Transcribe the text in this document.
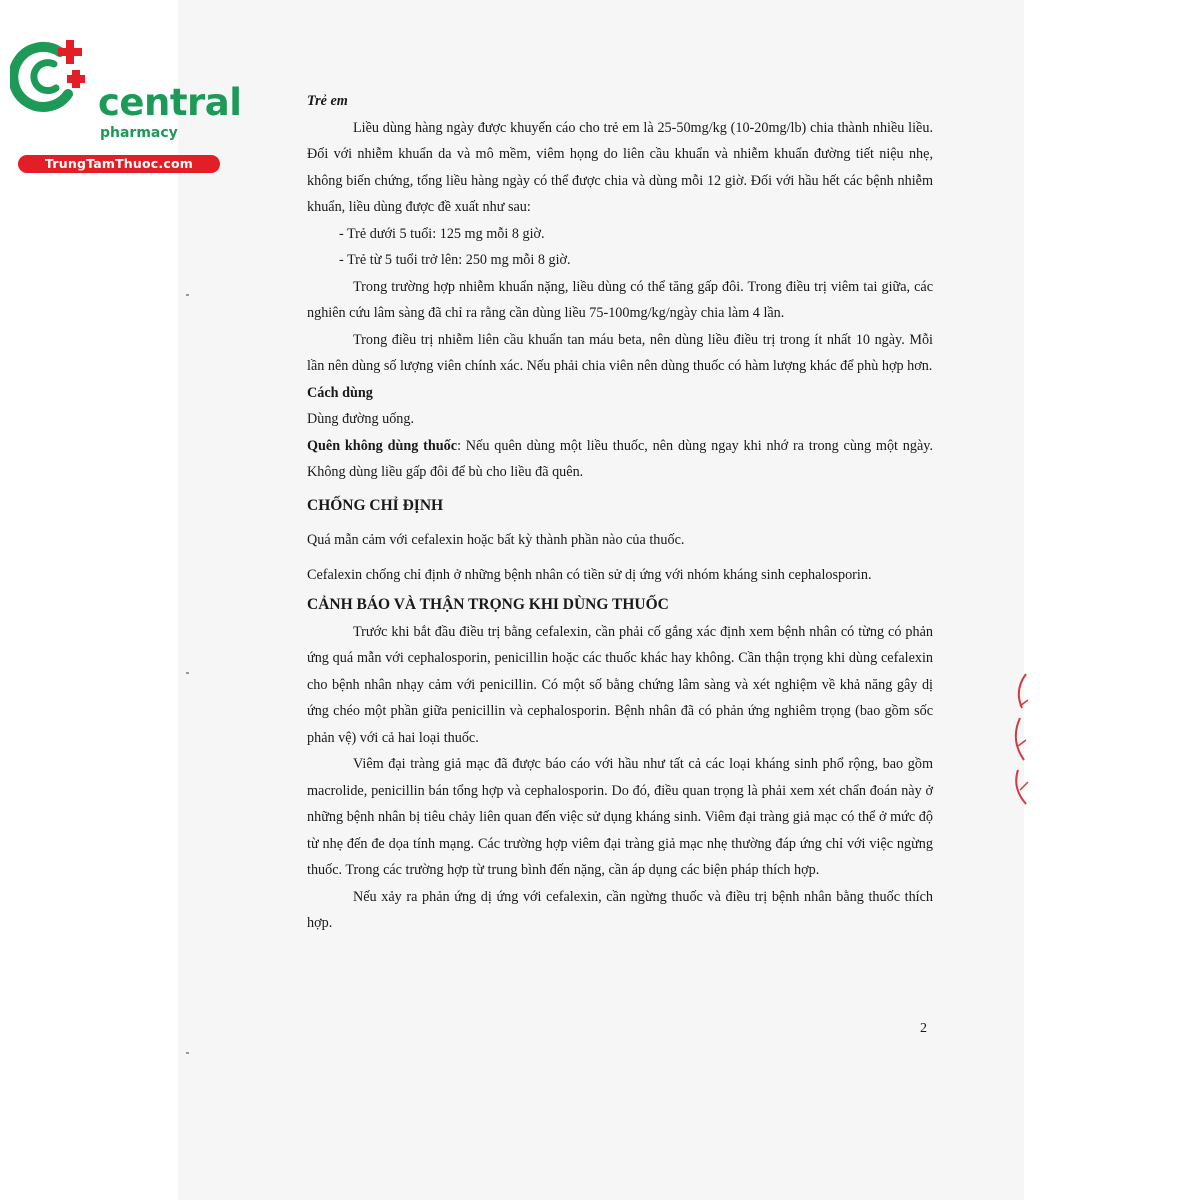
central
pharmacy
TrungTamThuoc.com

Trẻ em

Liều dùng hàng ngày được khuyến cáo cho trẻ em là 25-50mg/kg (10-20mg/lb) chia thành nhiều liều. Đối với nhiễm khuẩn da và mô mềm, viêm họng do liên cầu khuẩn và nhiễm khuẩn đường tiết niệu nhẹ, không biến chứng, tổng liều hàng ngày có thể được chia và dùng mỗi 12 giờ. Đối với hầu hết các bệnh nhiễm khuẩn, liều dùng được đề xuất như sau:

- Trẻ dưới 5 tuổi: 125 mg mỗi 8 giờ.

- Trẻ từ 5 tuổi trở lên: 250 mg mỗi 8 giờ.

Trong trường hợp nhiễm khuẩn nặng, liều dùng có thể tăng gấp đôi. Trong điều trị viêm tai giữa, các nghiên cứu lâm sàng đã chỉ ra rằng cần dùng liều 75-100mg/kg/ngày chia làm 4 lần.

Trong điều trị nhiễm liên cầu khuẩn tan máu beta, nên dùng liều điều trị trong ít nhất 10 ngày. Mỗi lần nên dùng số lượng viên chính xác. Nếu phải chia viên nên dùng thuốc có hàm lượng khác để phù hợp hơn.

Cách dùng

Dùng đường uống.

Quên không dùng thuốc: Nếu quên dùng một liều thuốc, nên dùng ngay khi nhớ ra trong cùng một ngày. Không dùng liều gấp đôi để bù cho liều đã quên.

CHỐNG CHỈ ĐỊNH

Quá mẫn cảm với cefalexin hoặc bất kỳ thành phần nào của thuốc.

Cefalexin chống chỉ định ở những bệnh nhân có tiền sử dị ứng với nhóm kháng sinh cephalosporin.

CẢNH BÁO VÀ THẬN TRỌNG KHI DÙNG THUỐC

Trước khi bắt đầu điều trị bằng cefalexin, cần phải cố gắng xác định xem bệnh nhân có từng có phản ứng quá mẫn với cephalosporin, penicillin hoặc các thuốc khác hay không. Cần thận trọng khi dùng cefalexin cho bệnh nhân nhạy cảm với penicillin. Có một số bằng chứng lâm sàng và xét nghiệm về khả năng gây dị ứng chéo một phần giữa penicillin và cephalosporin. Bệnh nhân đã có phản ứng nghiêm trọng (bao gồm sốc phản vệ) với cả hai loại thuốc.

Viêm đại tràng giả mạc đã được báo cáo với hầu như tất cả các loại kháng sinh phổ rộng, bao gồm macrolide, penicillin bán tổng hợp và cephalosporin. Do đó, điều quan trọng là phải xem xét chẩn đoán này ở những bệnh nhân bị tiêu chảy liên quan đến việc sử dụng kháng sinh. Viêm đại tràng giả mạc có thể ở mức độ từ nhẹ đến đe dọa tính mạng. Các trường hợp viêm đại tràng giả mạc nhẹ thường đáp ứng chỉ với việc ngừng thuốc. Trong các trường hợp từ trung bình đến nặng, cần áp dụng các biện pháp thích hợp.

Nếu xảy ra phản ứng dị ứng với cefalexin, cần ngừng thuốc và điều trị bệnh nhân bằng thuốc thích hợp.

2
